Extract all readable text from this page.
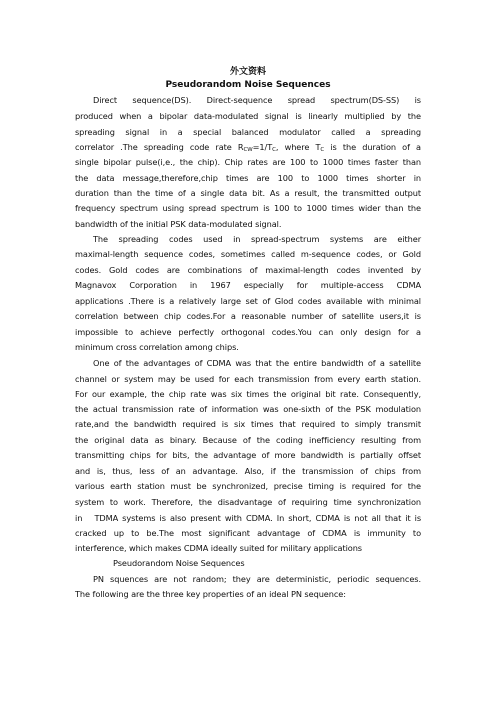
外文资料
Pseudorandom Noise Sequences
Direct sequence(DS). Direct-sequence spread spectrum(DS-SS) is
produced when a bipolar data-modulated signal is linearly multiplied by the
spreading signal in a special balanced modulator called a spreading
correlator .The spreading code rate RCW=1/TC, where TC is the duration of a
single bipolar pulse(i,e., the chip). Chip rates are 100 to 1000 times faster than
the data message,therefore,chip times are 100 to 1000 times shorter in
duration than the time of a single data bit. As a result, the transmitted output
frequency spectrum using spread spectrum is 100 to 1000 times wider than the
bandwidth of the initial PSK data-modulated signal.
The spreading codes used in spread-spectrum systems are either
maximal-length sequence codes, sometimes called m-sequence codes, or Gold
codes. Gold codes are combinations of maximal-length codes invented by
Magnavox Corporation in 1967 especially for multiple-access CDMA
applications .There is a relatively large set of Glod codes available with minimal
correlation between chip codes.For a reasonable number of satellite users,it is
impossible to achieve perfectly orthogonal codes.You can only design for a
minimum cross correlation among chips.
One of the advantages of CDMA was that the entire bandwidth of a satellite
channel or system may be used for each transmission from every earth station.
For our example, the chip rate was six times the original bit rate. Consequently,
the actual transmission rate of information was one-sixth of the PSK modulation
rate,and the bandwidth required is six times that required to simply transmit
the original data as binary. Because of the coding inefficiency resulting from
transmitting chips for bits, the advantage of more bandwidth is partially offset
and is, thus, less of an advantage. Also, if the transmission of chips from
various earth station must be synchronized, precise timing is required for the
system to work. Therefore, the disadvantage of requiring time synchronization
in   TDMA systems is also present with CDMA. In short, CDMA is not all that it is
cracked up to be.The most significant advantage of CDMA is immunity to
interference, which makes CDMA ideally suited for military applications
Pseudorandom Noise Sequences
PN squences are not random; they are deterministic, periodic sequences.
The following are the three key properties of an ideal PN sequence:
